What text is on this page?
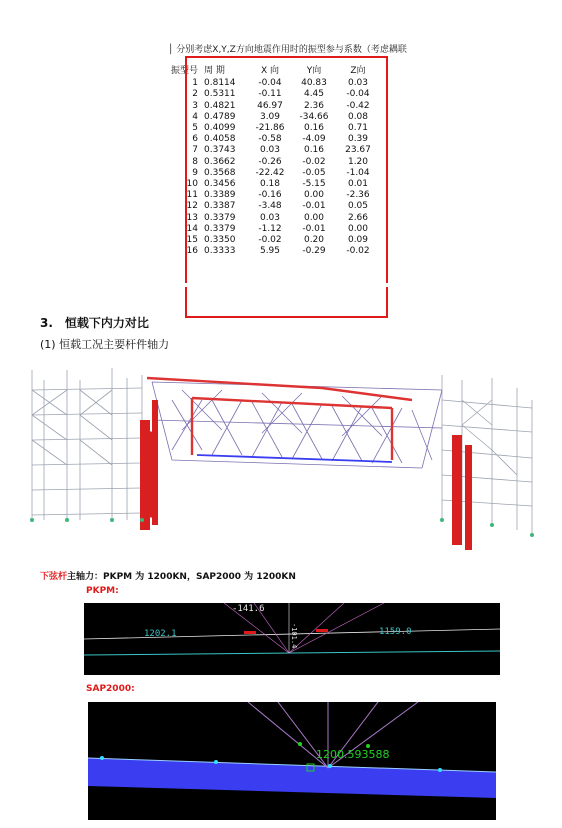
│ 分别考虑X,Y,Z方向地震作用时的振型参与系数（考虑耦联
振型号 周 期	X 向	Y向	Z向
1 0.8114	-0.04	40.83	0.03
2 0.5311	-0.11	4.45	-0.04
3 0.4821	46.97	2.36	-0.42
4 0.4789	3.09	-34.66	0.08
5 0.4099	-21.86	0.16	0.71
6 0.4058	-0.58	-4.09	0.39
7 0.3743	0.03	0.16	23.67
8 0.3662	-0.26	-0.02	1.20
9 0.3568	-22.42	-0.05	-1.04
10 0.3456	0.18	-5.15	0.01
11 0.3389	-0.16	0.00	-2.36
12 0.3387	-3.48	-0.01	0.05
13 0.3379	0.03	0.00	2.66
14 0.3379	-1.12	-0.01	0.00
15 0.3350	-0.02	0.20	0.09
16 0.3333	5.95	-0.29	-0.02
3. 恒载下内力对比
(1) 恒载工况主要杆件轴力
下弦杆主轴力：PKPM 为 1200KN，SAP2000 为 1200KN
PKPM:
-141.6
1202.1	1159.0
-101.4
SAP2000:
1200.593588
